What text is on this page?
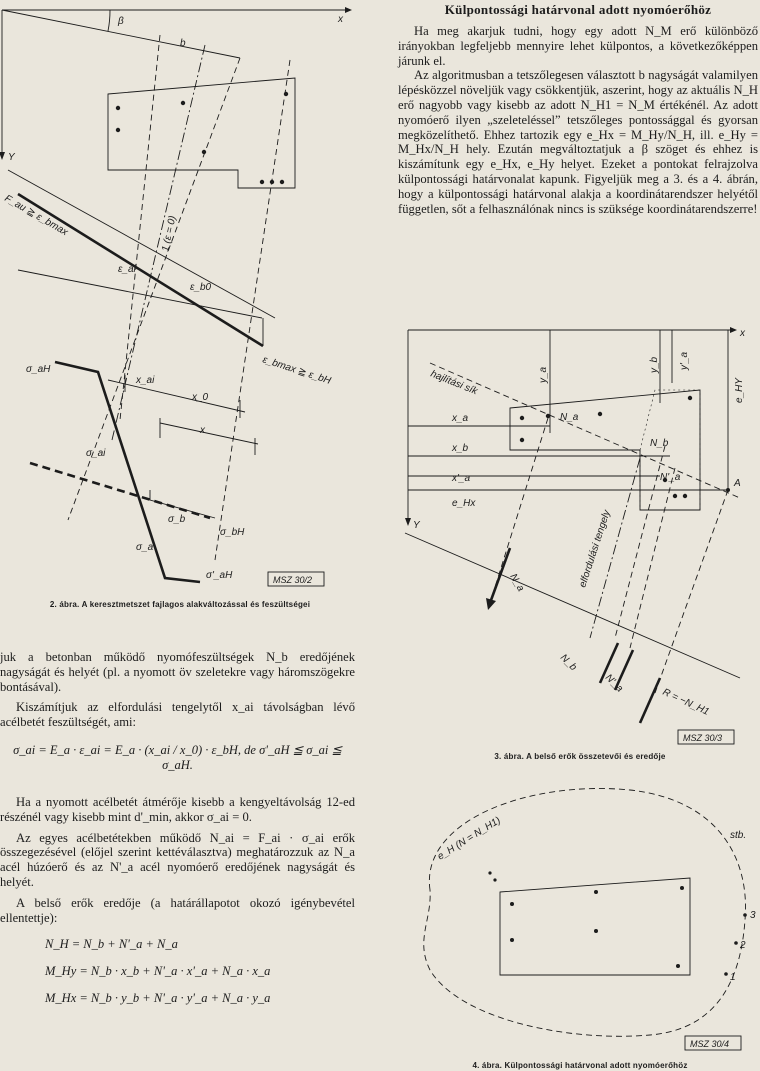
x
Y
β
b
1 (ε = 0)
F_au ≧ ε_bmax
ε_ai
ε_b0
ε_bmax ≧ ε_bH
σ_aH
x_ai
x_0
x
σ_ai
σ_b
σ_a
σ_bH
σ'_aH	MSZ 30/2
2. ábra. A keresztmetszet fajlagos alakváltozással és feszültségei

juk a betonban működő nyomófeszültségek N_b eredőjének nagyságát és helyét (pl. a nyomott öv szeletekre vagy háromszögekre bontásával).

Kiszámítjuk az elfordulási tengelytől x_ai távolságban lévő acélbetét feszültségét, ami:

σ_ai = E_a · ε_ai = E_a · (x_ai / x_0) · ε_bH, de σ'_aH ≦ σ_ai ≦ σ_aH.

Ha a nyomott acélbetét átmérője kisebb a kengyeltávolság 12-ed részénél vagy kisebb mint d'_min, akkor σ_ai = 0.

Az egyes acélbetétekben működő N_ai = F_ai · σ_ai erők összegezésével (előjel szerint kettéválasztva) meghatározzuk az N_a acél húzóerő és az N'_a acél nyomóerő eredőjének nagyságát és helyét.

A belső erők eredője (a határállapotot okozó igénybevétel ellentettje):

N_H = N_b + N'_a + N_a
M_Hy = N_b · x_b + N'_a · x'_a + N_a · x_a
M_Hx = N_b · y_b + N'_a · y'_a + N_a · y_a
Külpontossági határvonal adott nyomóerőhöz

Ha meg akarjuk tudni, hogy egy adott N_M erő különböző irányokban legfeljebb mennyire lehet külpontos, a következőképpen járunk el.

Az algoritmusban a tetszőlegesen választott b nagyságát valamilyen lépésközzel növeljük vagy csökkentjük, aszerint, hogy az aktuális N_H erő nagyobb vagy kisebb az adott N_H1 = N_M értékénél. Az adott nyomóerő ilyen „szeleteléssel” tetszőleges pontossággal és gyorsan megközelíthető. Ehhez tartozik egy e_Hx = M_Hy/N_H, ill. e_Hy = M_Hx/N_H hely. Ezután megváltoztatjuk a β szöget és ehhez is kiszámítunk egy e_Hx, e_Hy helyet. Ezeket a pontokat felrajzolva külpontossági határvonalat kapunk. Figyeljük meg a 3. és a 4. ábrán, hogy a külpontossági határvonal alakja a koordinátarendszer helyétől független, sőt a felhasználónak nincs is szüksége koordinátarendszerre!

x
Y
y_a
y_b y'_a
e_HY
x_a
x_b
x'_a
e_Hx
hajlítási sík
N_a
N_b
N'_a
A
elfordulási tengely
N_a
N_b
N'_a
R = −N_H1
MSZ 30/3
3. ábra. A belső erők összetevői és eredője
e_H (N = N_H1)	stb.
3
2
1
MSZ 30/4
4. ábra. Külpontossági határvonal adott nyomóerőhöz
